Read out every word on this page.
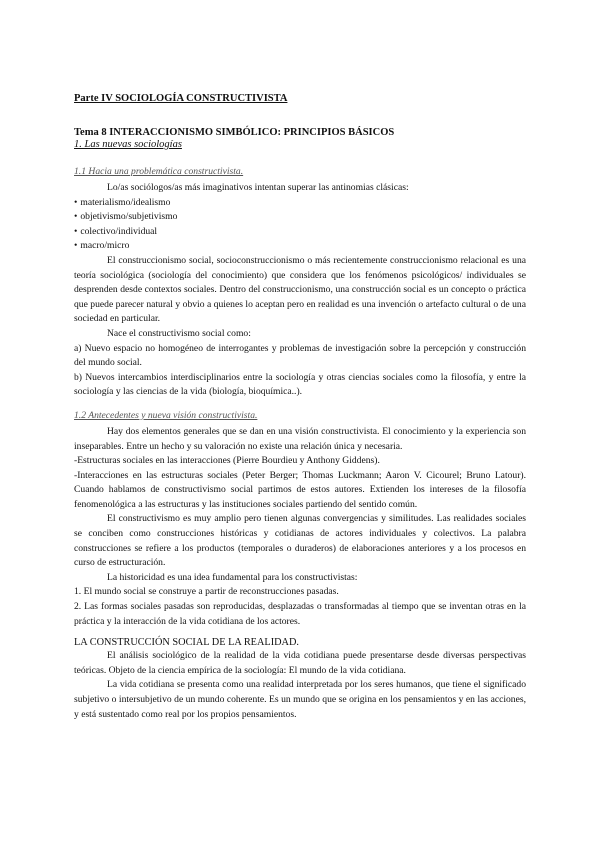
Parte IV SOCIOLOGÍA CONSTRUCTIVISTA

Tema 8 INTERACCIONISMO SIMBÓLICO: PRINCIPIOS BÁSICOS

1. Las nuevas sociologías

1.1 Hacia una problemática constructivista.

Lo/as sociólogos/as más imaginativos intentan superar las antinomias clásicas:

• materialismo/idealismo

• objetivismo/subjetivismo

• colectivo/individual

• macro/micro

El construccionismo social, socioconstruccionismo o más recientemente construccionismo relacional es una teoría sociológica (sociología del conocimiento) que considera que los fenómenos psicológicos/ individuales se desprenden desde contextos sociales. Dentro del construccionismo, una construcción social es un concepto o práctica que puede parecer natural y obvio a quienes lo aceptan pero en realidad es una invención o artefacto cultural o de una sociedad en particular.

Nace el constructivismo social como:

a) Nuevo espacio no homogéneo de interrogantes y problemas de investigación sobre la percepción y construcción del mundo social.

b) Nuevos intercambios interdisciplinarios entre la sociología y otras ciencias sociales como la filosofía, y entre la sociología y las ciencias de la vida (biología, bioquímica..).

1.2 Antecedentes y nueva visión constructivista.

Hay dos elementos generales que se dan en una visión constructivista. El conocimiento y la experiencia son inseparables. Entre un hecho y su valoración no existe una relación única y necesaria.

-Estructuras sociales en las interacciones (Pierre Bourdieu y Anthony Giddens).

-Interacciones en las estructuras sociales (Peter Berger; Thomas Luckmann; Aaron V. Cicourel; Bruno Latour). Cuando hablamos de constructivismo social partimos de estos autores. Extienden los intereses de la filosofía fenomenológica a las estructuras y las instituciones sociales partiendo del sentido común.

El constructivismo es muy amplio pero tienen algunas convergencias y similitudes. Las realidades sociales se conciben como construcciones históricas y cotidianas de actores individuales y colectivos. La palabra construcciones se refiere a los productos (temporales o duraderos) de elaboraciones anteriores y a los procesos en curso de estructuración.

La historicidad es una idea fundamental para los constructivistas:

1. El mundo social se construye a partir de reconstrucciones pasadas.

2. Las formas sociales pasadas son reproducidas, desplazadas o transformadas al tiempo que se inventan otras en la práctica y la interacción de la vida cotidiana de los actores.

LA CONSTRUCCIÓN SOCIAL DE LA REALIDAD.

El análisis sociológico de la realidad de la vida cotidiana puede presentarse desde diversas perspectivas teóricas. Objeto de la ciencia empírica de la sociología: El mundo de la vida cotidiana.

La vida cotidiana se presenta como una realidad interpretada por los seres humanos, que tiene el significado subjetivo o intersubjetivo de un mundo coherente. Es un mundo que se origina en los pensamientos y en las acciones, y está sustentado como real por los propios pensamientos.
